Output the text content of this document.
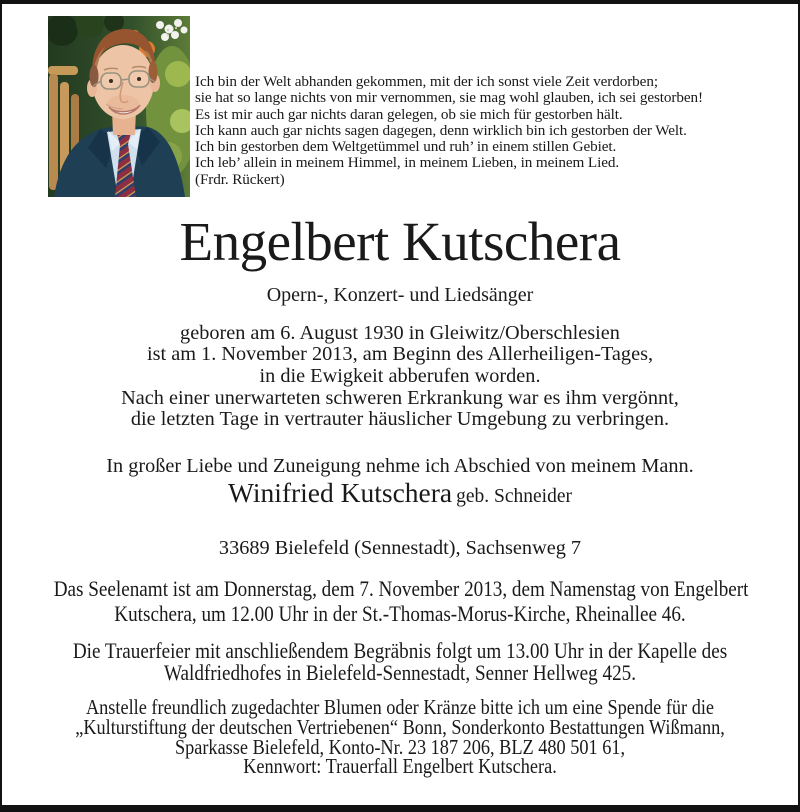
Ich bin der Welt abhanden gekommen, mit der ich sonst viele Zeit verdorben;
sie hat so lange nichts von mir vernommen, sie mag wohl glauben, ich sei gestorben!
Es ist mir auch gar nichts daran gelegen, ob sie mich für gestorben hält.
Ich kann auch gar nichts sagen dagegen, denn wirklich bin ich gestorben der Welt.
Ich bin gestorben dem Weltgetümmel und ruh’ in einem stillen Gebiet.
Ich leb’ allein in meinem Himmel, in meinem Lieben, in meinem Lied.
(Frdr. Rückert)
Engelbert Kutschera
Opern-, Konzert- und Liedsänger
geboren am 6. August 1930 in Gleiwitz/Oberschlesien
ist am 1. November 2013, am Beginn des Allerheiligen-Tages,
in die Ewigkeit abberufen worden.
Nach einer unerwarteten schweren Erkrankung war es ihm vergönnt,
die letzten Tage in vertrauter häuslicher Umgebung zu verbringen.
In großer Liebe und Zuneigung nehme ich Abschied von meinem Mann.
Winifried Kutschera geb. Schneider
33689 Bielefeld (Sennestadt), Sachsenweg 7
Das Seelenamt ist am Donnerstag, dem 7. November 2013, dem Namenstag von Engelbert
Kutschera, um 12.00 Uhr in der St.-Thomas-Morus-Kirche, Rheinallee 46.
Die Trauerfeier mit anschließendem Begräbnis folgt um 13.00 Uhr in der Kapelle des
Waldfriedhofes in Bielefeld-Sennestadt, Senner Hellweg 425.
Anstelle freundlich zugedachter Blumen oder Kränze bitte ich um eine Spende für die
„Kulturstiftung der deutschen Vertriebenen“ Bonn, Sonderkonto Bestattungen Wißmann,
Sparkasse Bielefeld, Konto-Nr. 23 187 206, BLZ 480 501 61,
Kennwort: Trauerfall Engelbert Kutschera.
